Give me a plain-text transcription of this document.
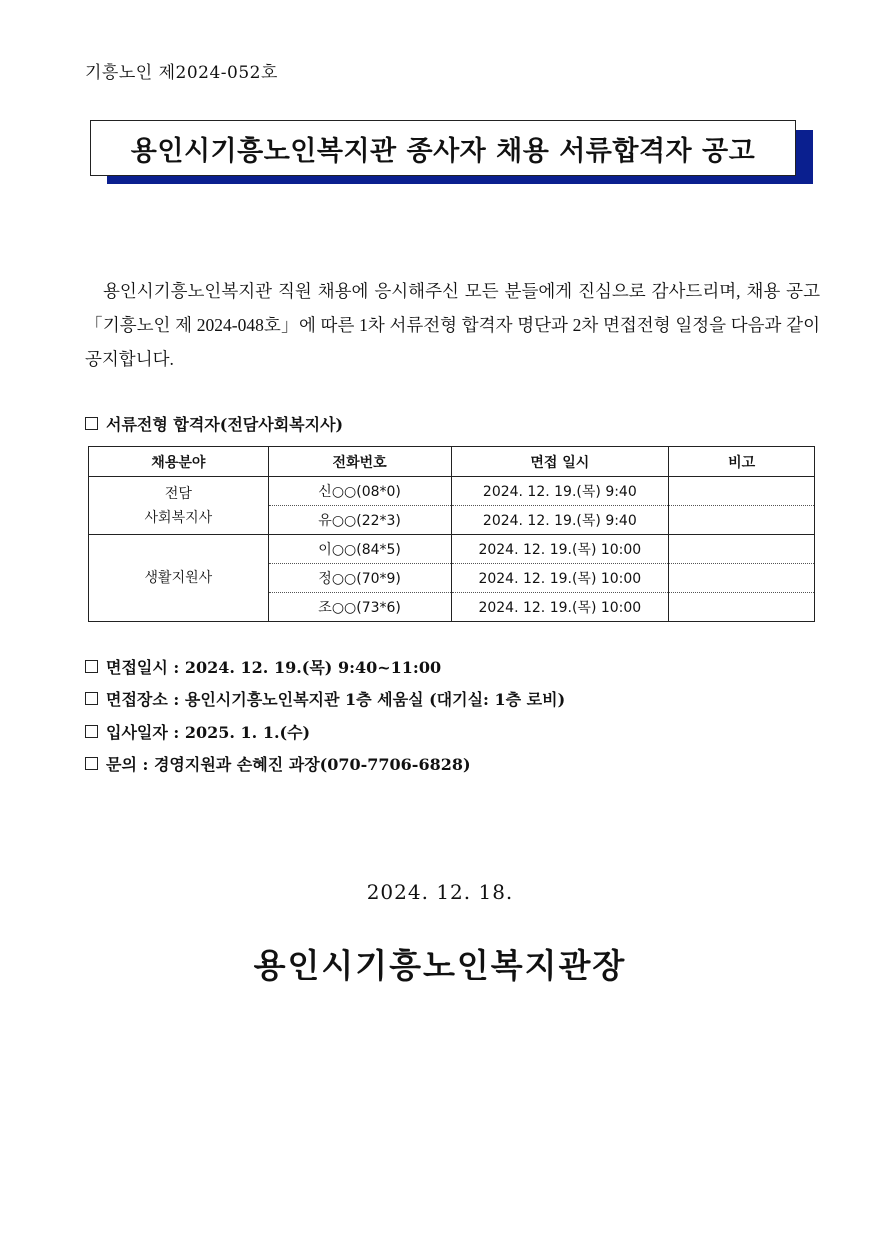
기흥노인 제2024-052호
용인시기흥노인복지관 종사자 채용 서류합격자 공고

용인시기흥노인복지관 직원 채용에 응시해주신 모든 분들에게 진심으로 감사드리며, 채용 공고 「기흥노인 제 2024-048호」에 따른 1차 서류전형 합격자 명단과 2차 면접전형 일정을 다음과 같이 공지합니다.

서류전형 합격자(전담사회복지사)
채용분야	전화번호	면접 일시	비고

전담
사회복지사	신○○(08*0)	2024. 12. 19.(목) 9:40	
	유○○(22*3)	2024. 12. 19.(목) 9:40	

생활지원사	이○○(84*5)	2024. 12. 19.(목) 10:00	
	정○○(70*9)	2024. 12. 19.(목) 10:00	
	조○○(73*6)	2024. 12. 19.(목) 10:00	
면접일시 : 2024. 12. 19.(목) 9:40~11:00
면접장소 : 용인시기흥노인복지관 1층 세움실 (대기실: 1층 로비)
입사일자 : 2025. 1. 1.(수)
문의 : 경영지원과 손혜진 과장(070-7706-6828)
2024. 12. 18.
용인시기흥노인복지관장
